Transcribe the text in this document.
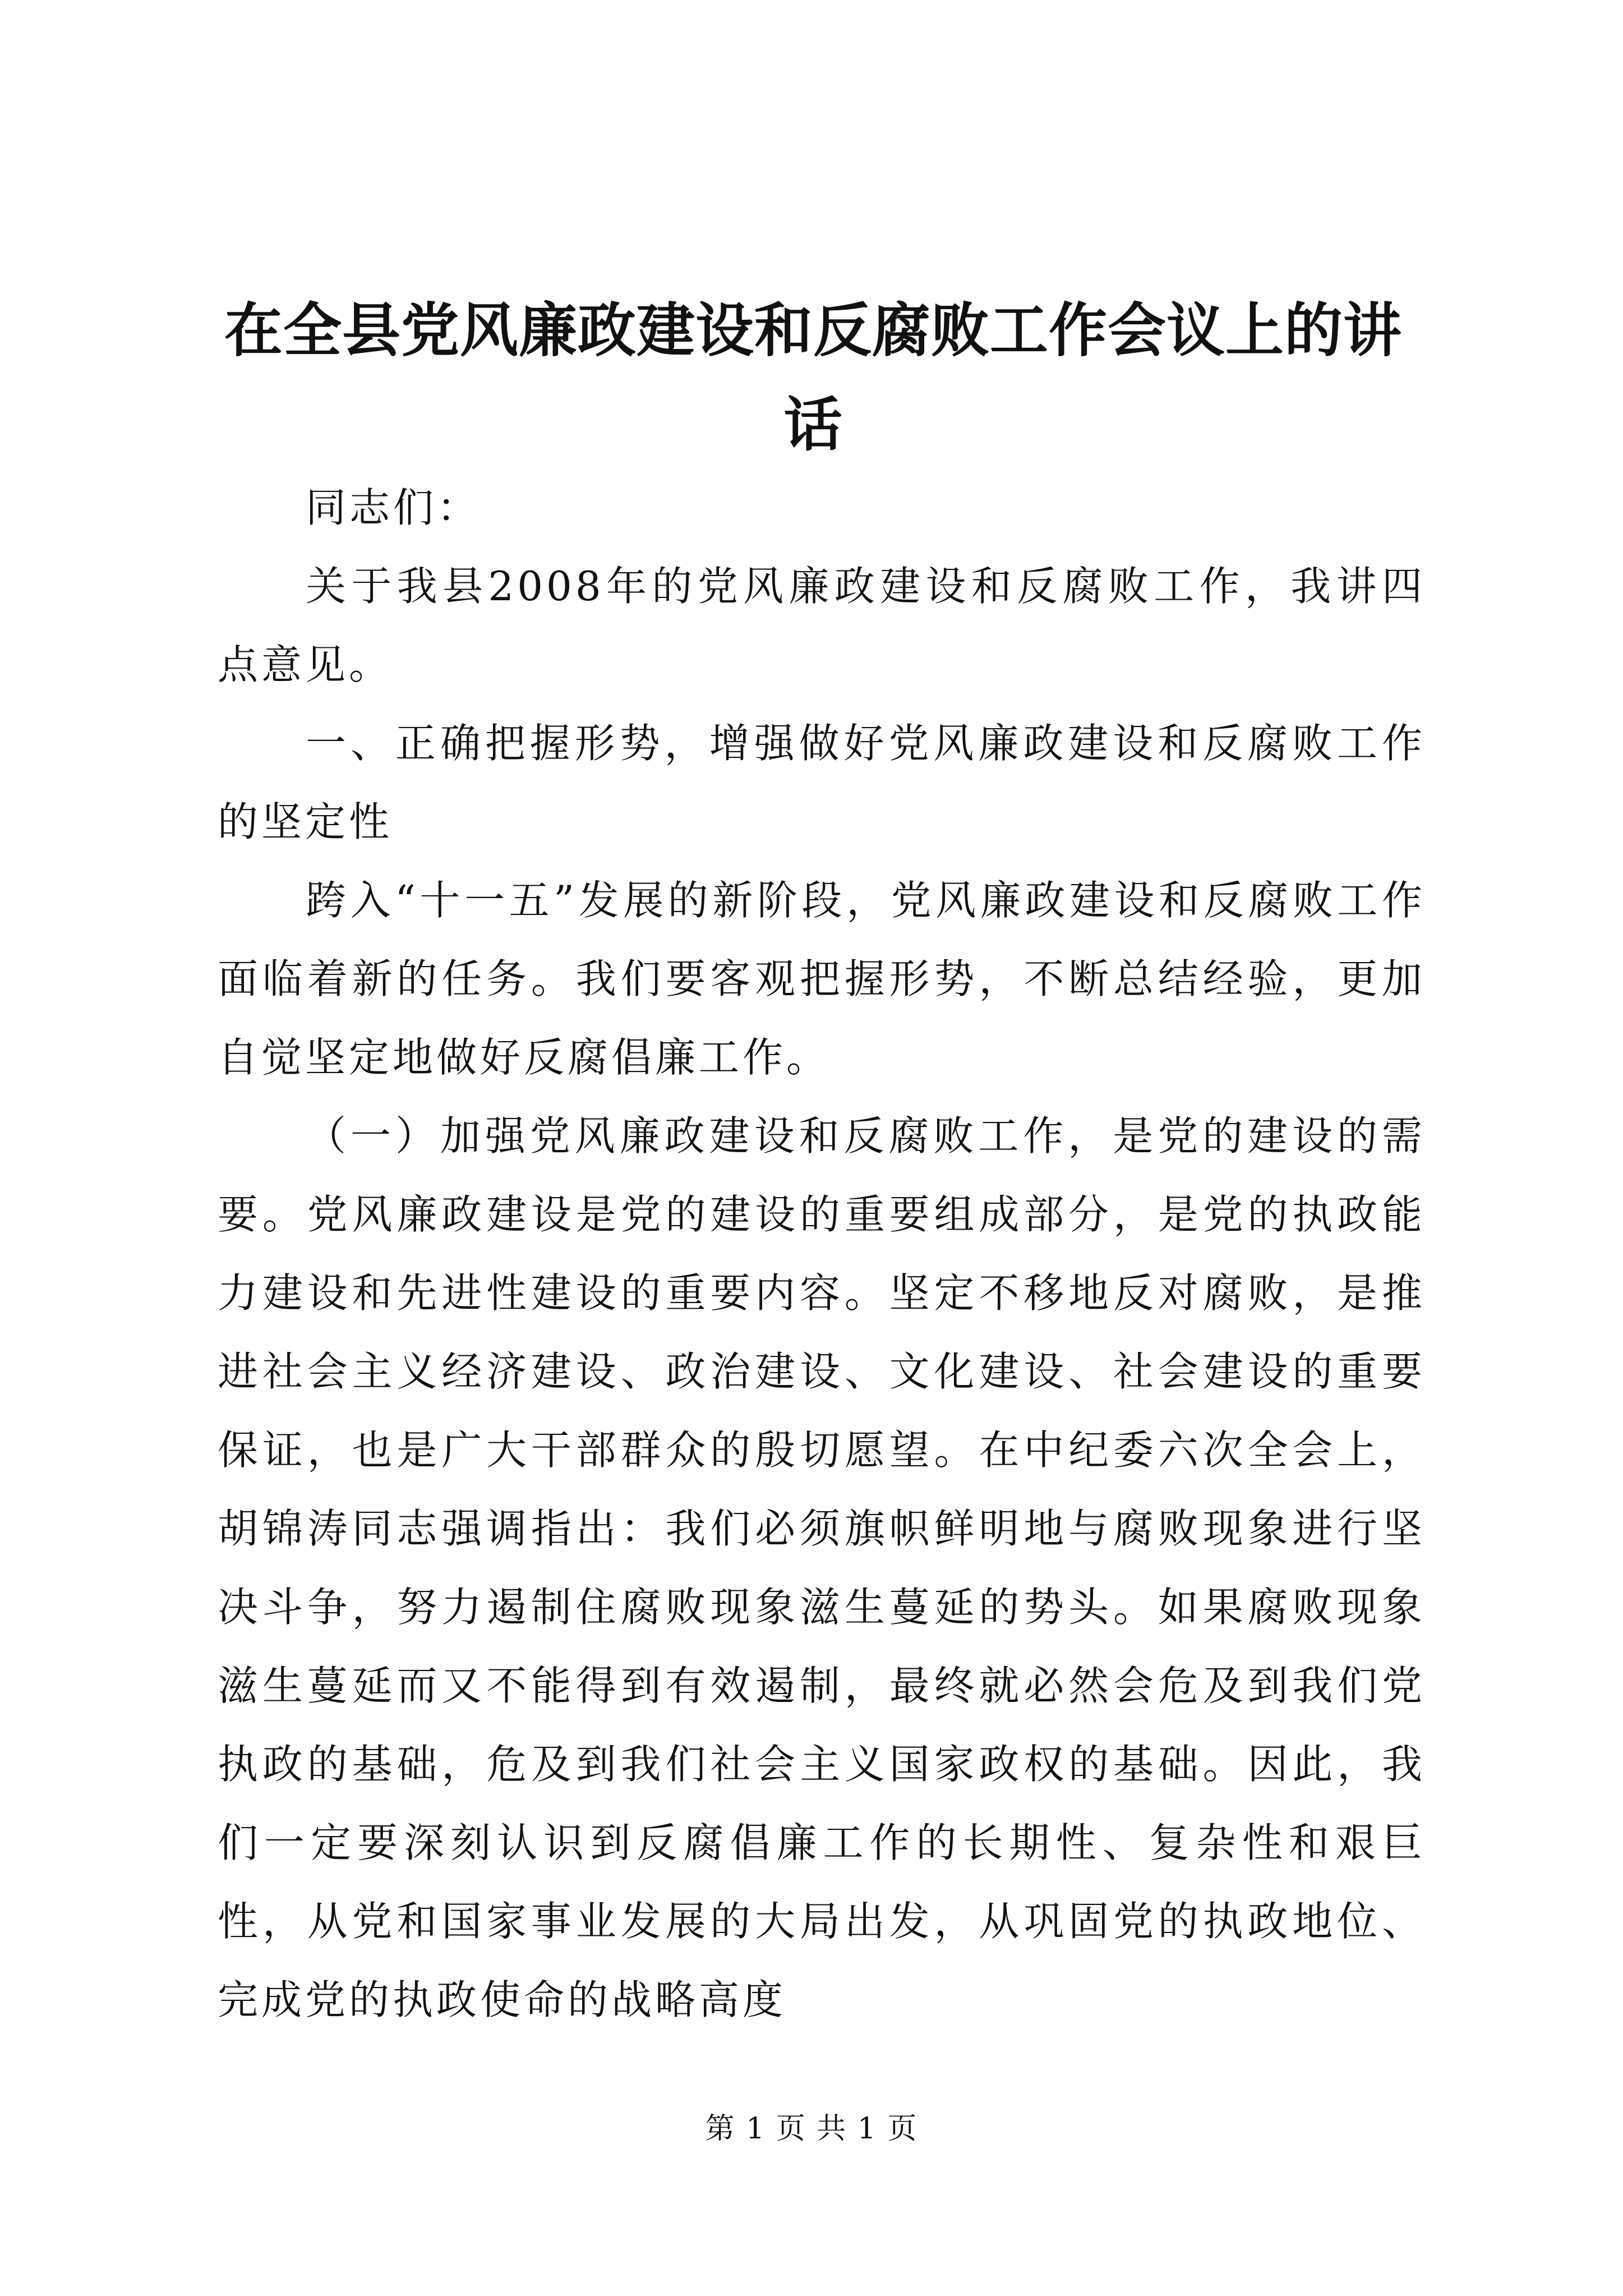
在全县党风廉政建设和反腐败工作会议上的讲话

同志们：

关于我县2008年的党风廉政建设和反腐败工作，我讲四点意见。

一、正确把握形势，增强做好党风廉政建设和反腐败工作的坚定性

跨入“十一五”发展的新阶段，党风廉政建设和反腐败工作面临着新的任务。我们要客观把握形势，不断总结经验，更加自觉坚定地做好反腐倡廉工作。

（一）加强党风廉政建设和反腐败工作，是党的建设的需要。党风廉政建设是党的建设的重要组成部分，是党的执政能力建设和先进性建设的重要内容。坚定不移地反对腐败，是推进社会主义经济建设、政治建设、文化建设、社会建设的重要保证，也是广大干部群众的殷切愿望。在中纪委六次全会上，胡锦涛同志强调指出：我们必须旗帜鲜明地与腐败现象进行坚决斗争，努力遏制住腐败现象滋生蔓延的势头。如果腐败现象滋生蔓延而又不能得到有效遏制，最终就必然会危及到我们党执政的基础，危及到我们社会主义国家政权的基础。因此，我们一定要深刻认识到反腐倡廉工作的长期性、复杂性和艰巨性，从党和国家事业发展的大局出发，从巩固党的执政地位、完成党的执政使命的战略高度

第 1 页 共 1 页
